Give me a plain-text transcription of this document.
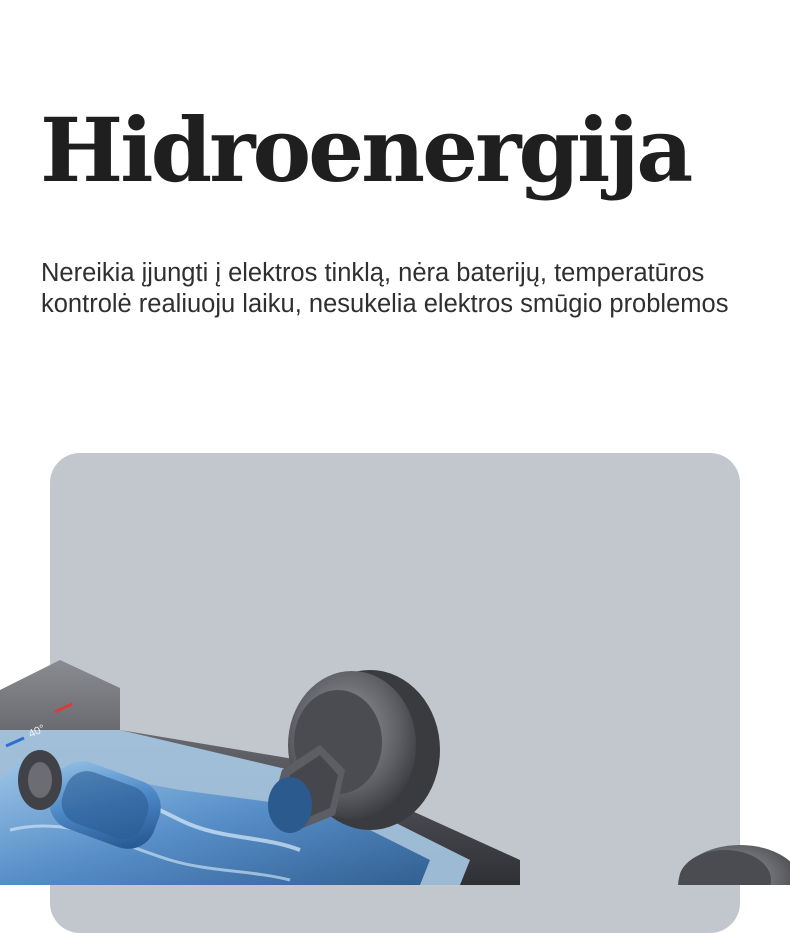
Hidroenergija

Nereikia įjungti į elektros tinklą, nėra baterijų, temperatūros kontrolė realiuoju laiku, nesukelia elektros smūgio problemos

40°
